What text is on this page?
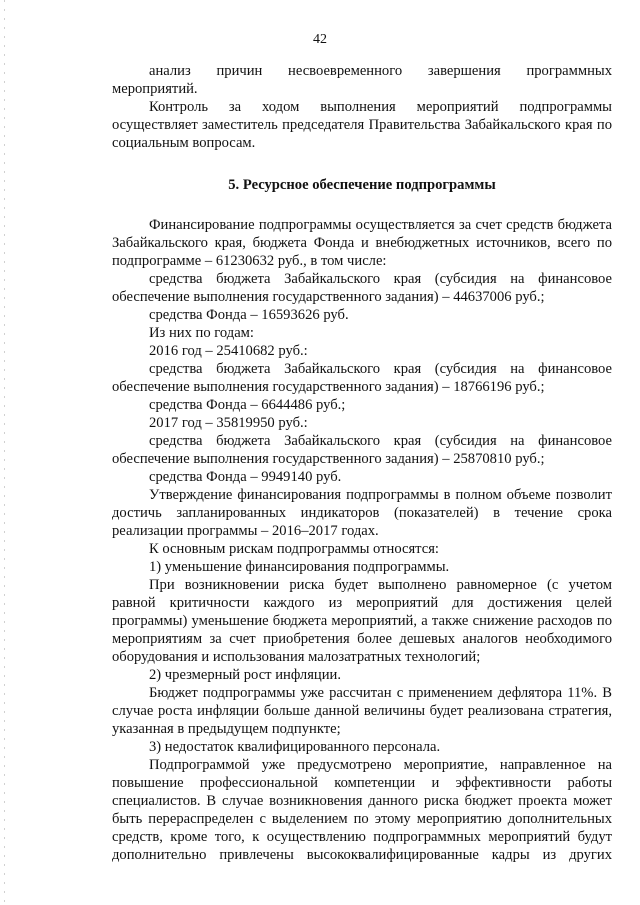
42

анализ причин несвоевременного завершения программных мероприятий.

Контроль за ходом выполнения мероприятий подпрограммы осуществляет заместитель председателя Правительства Забайкальского края по социальным вопросам.

5. Ресурсное обеспечение подпрограммы

Финансирование подпрограммы осуществляется за счет средств бюджета Забайкальского края, бюджета Фонда и внебюджетных источников, всего по подпрограмме – 61230632 руб., в том числе:

средства бюджета Забайкальского края (субсидия на финансовое обеспечение выполнения государственного задания) – 44637006 руб.;

средства Фонда – 16593626 руб.

Из них по годам:

2016 год – 25410682 руб.:

средства бюджета Забайкальского края (субсидия на финансовое обеспечение выполнения государственного задания) – 18766196 руб.;

средства Фонда – 6644486 руб.;

2017 год – 35819950 руб.:

средства бюджета Забайкальского края (субсидия на финансовое обеспечение выполнения государственного задания) – 25870810 руб.;

средства Фонда – 9949140 руб.

Утверждение финансирования подпрограммы в полном объеме позволит достичь запланированных индикаторов (показателей) в течение срока реализации программы – 2016–2017 годах.

К основным рискам подпрограммы относятся:

1) уменьшение финансирования подпрограммы.

При возникновении риска будет выполнено равномерное (с учетом равной критичности каждого из мероприятий для достижения целей программы) уменьшение бюджета мероприятий, а также снижение расходов по мероприятиям за счет приобретения более дешевых аналогов необходимого оборудования и использования малозатратных технологий;

2) чрезмерный рост инфляции.

Бюджет подпрограммы уже рассчитан с применением дефлятора 11%. В случае роста инфляции больше данной величины будет реализована стратегия, указанная в предыдущем подпункте;

3) недостаток квалифицированного персонала.

Подпрограммой уже предусмотрено мероприятие, направленное на повышение профессиональной компетенции и эффективности работы специалистов. В случае возникновения данного риска бюджет проекта может быть перераспределен с выделением по этому мероприятию дополнительных средств, кроме того, к осуществлению подпрограммных мероприятий будут дополнительно привлечены высококвалифицированные кадры из других
